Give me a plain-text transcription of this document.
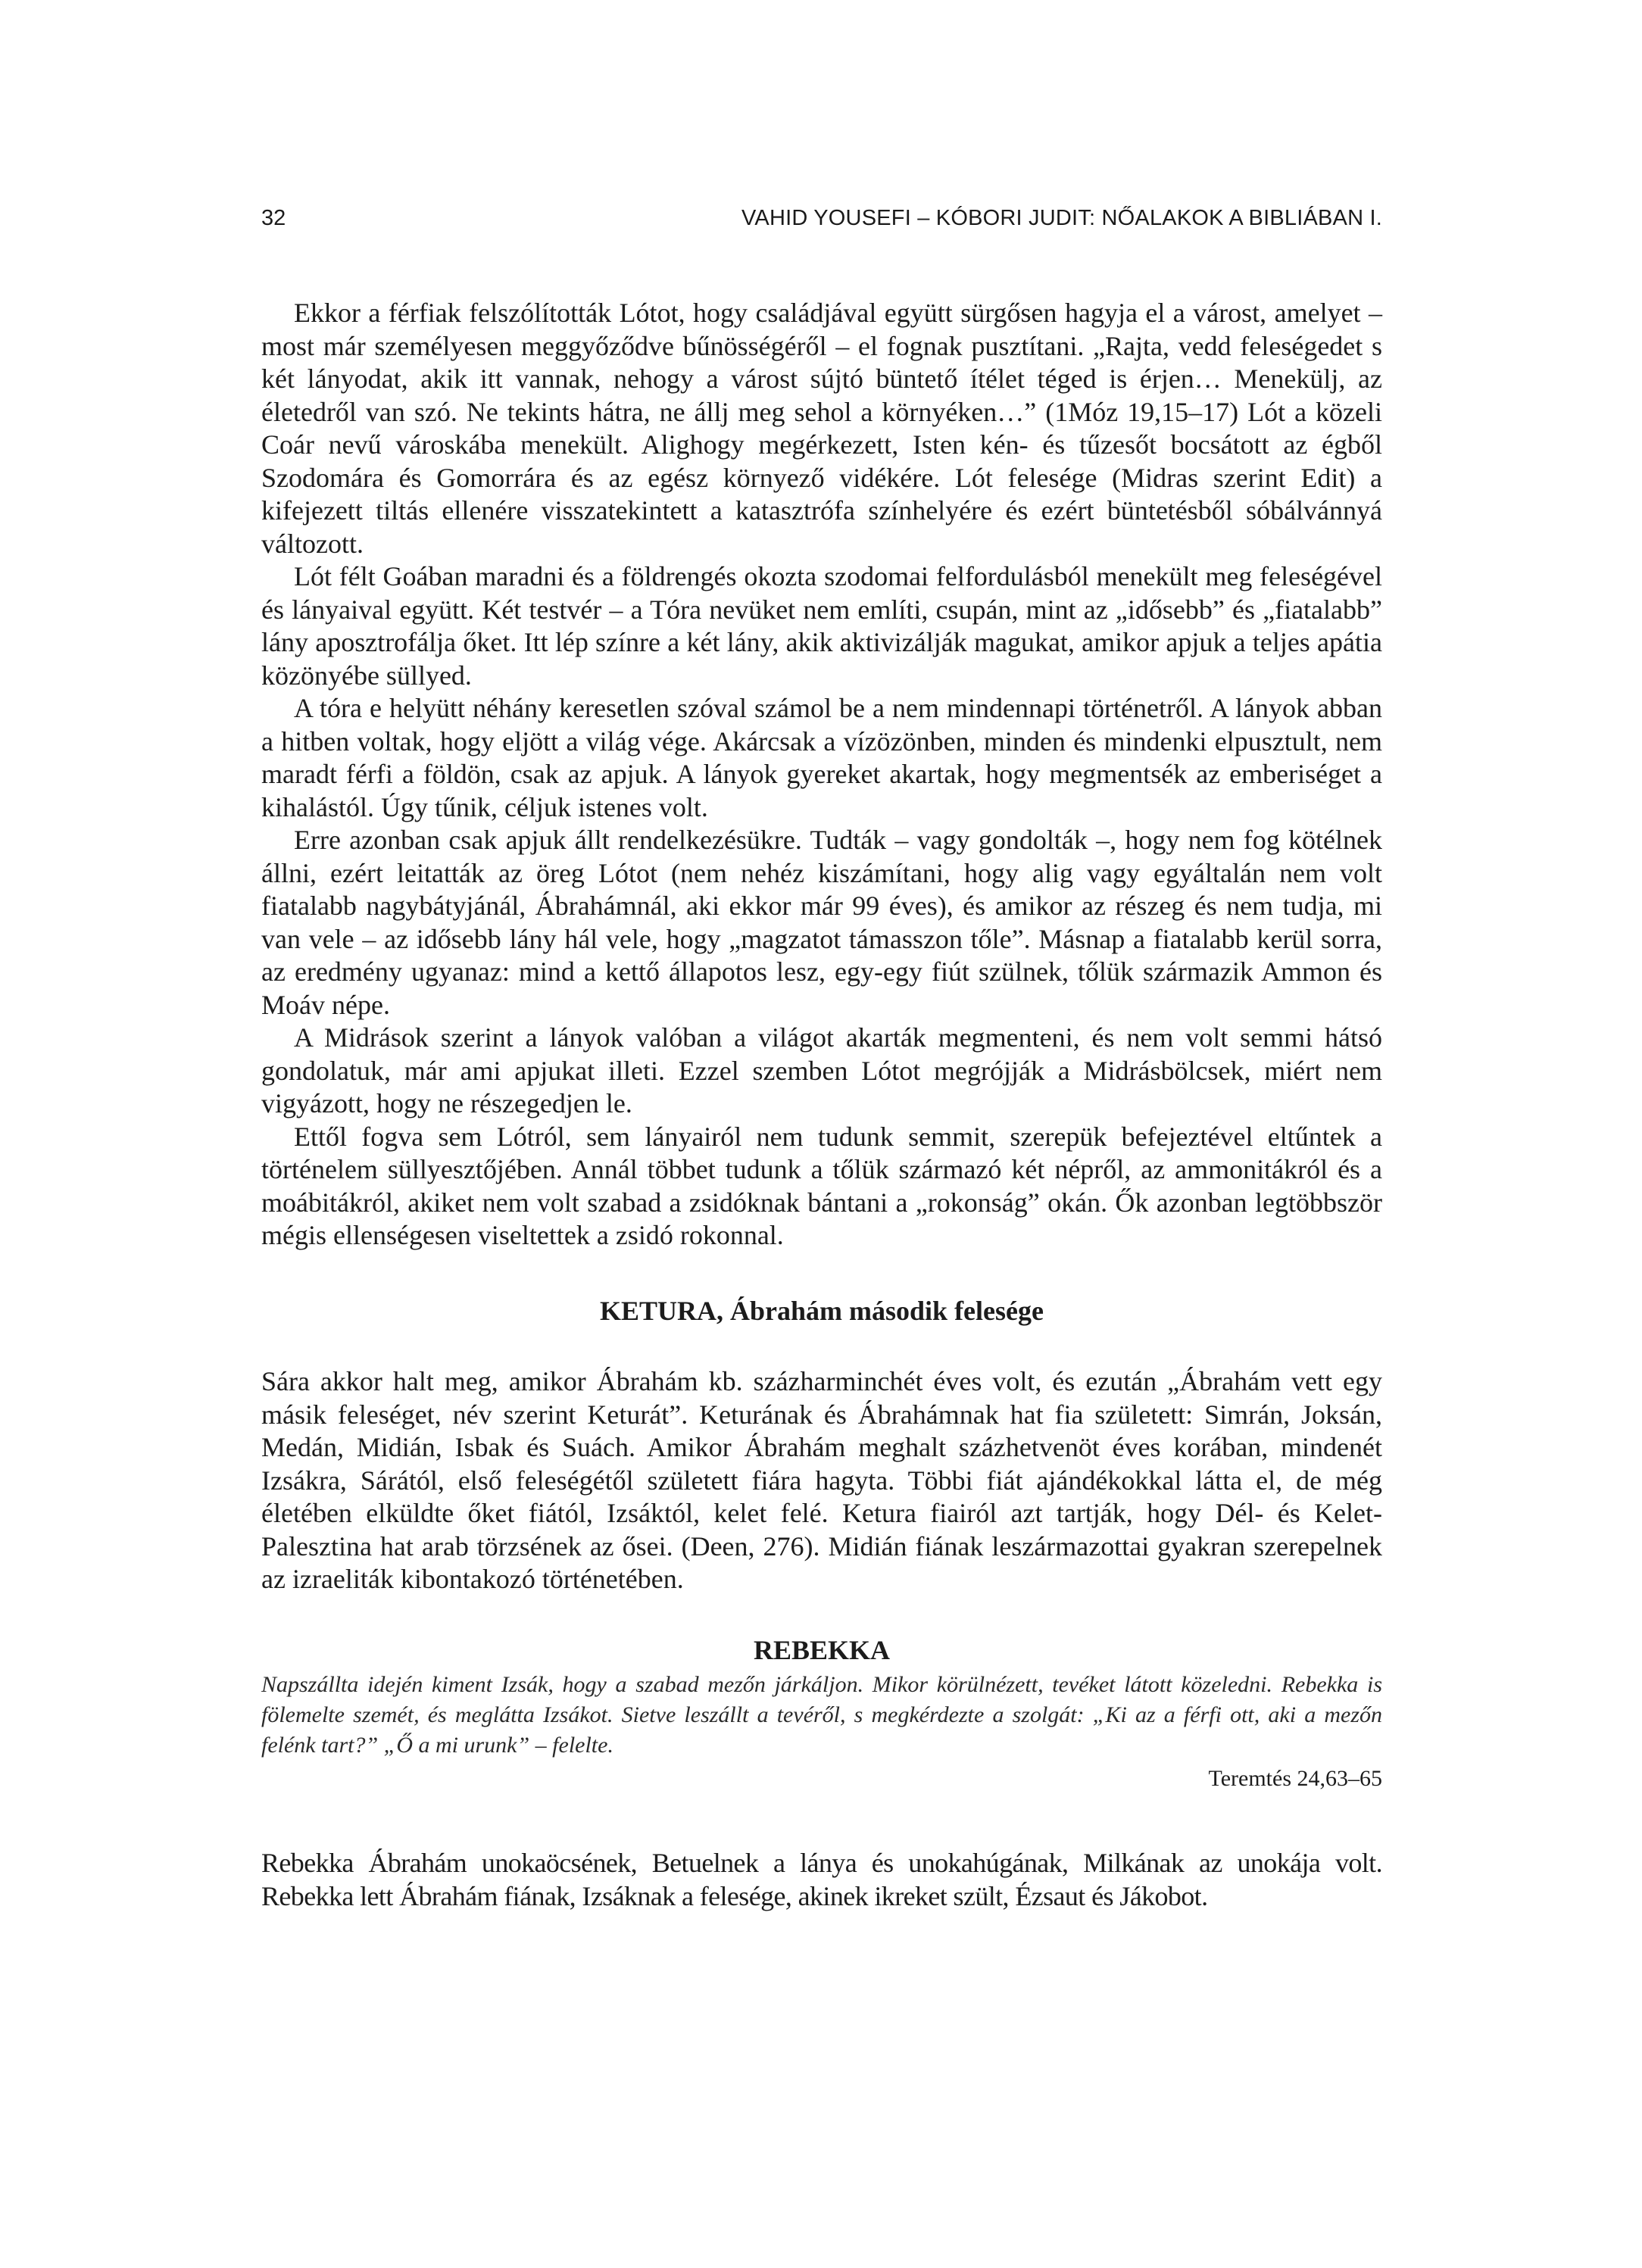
32	VAHID YOUSEFI – KÓBORI JUDIT: NŐALAKOK A BIBLIÁBAN I.

Ekkor a férfiak felszólították Lótot, hogy családjával együtt sürgősen hagyja el a várost, amelyet – most már személyesen meggyőződve bűnösségéről – el fognak pusztítani. „Rajta, vedd feleségedet s két lányodat, akik itt vannak, nehogy a várost sújtó büntető ítélet téged is érjen… Menekülj, az életedről van szó. Ne tekints hátra, ne állj meg sehol a környéken…” (1Móz 19,15–17) Lót a közeli Coár nevű városkába menekült. Alighogy megérkezett, Isten kén- és tűzesőt bocsátott az égből Szodomára és Gomorrára és az egész környező vidékére. Lót felesége (Midras szerint Edit) a kifejezett tiltás ellenére visszatekintett a katasztrófa színhelyére és ezért büntetésből sóbálvánnyá változott.

Lót félt Goában maradni és a földrengés okozta szodomai felfordulásból menekült meg feleségével és lányaival együtt. Két testvér – a Tóra nevüket nem említi, csupán, mint az „idősebb” és „fiatalabb” lány aposztrofálja őket. Itt lép színre a két lány, akik aktivizálják magukat, amikor apjuk a teljes apátia közönyébe süllyed.

A tóra e helyütt néhány keresetlen szóval számol be a nem mindennapi történetről. A lányok abban a hitben voltak, hogy eljött a világ vége. Akárcsak a vízözönben, minden és mindenki elpusztult, nem maradt férfi a földön, csak az apjuk. A lányok gyereket akartak, hogy megmentsék az emberiséget a kihalástól. Úgy tűnik, céljuk istenes volt.

Erre azonban csak apjuk állt rendelkezésükre. Tudták – vagy gondolták –, hogy nem fog kötélnek állni, ezért leitatták az öreg Lótot (nem nehéz kiszámítani, hogy alig vagy egyáltalán nem volt fiatalabb nagybátyjánál, Ábrahámnál, aki ekkor már 99 éves), és amikor az részeg és nem tudja, mi van vele – az idősebb lány hál vele, hogy „magzatot támasszon tőle”. Másnap a fiatalabb kerül sorra, az eredmény ugyanaz: mind a kettő állapotos lesz, egy-egy fiút szülnek, tőlük származik Ammon és Moáv népe.

A Midrások szerint a lányok valóban a világot akarták megmenteni, és nem volt semmi hátsó gondolatuk, már ami apjukat illeti. Ezzel szemben Lótot megrójják a Midrásbölcsek, miért nem vigyázott, hogy ne részegedjen le.

Ettől fogva sem Lótról, sem lányairól nem tudunk semmit, szerepük befejeztével eltűntek a történelem süllyesztőjében. Annál többet tudunk a tőlük származó két népről, az ammonitákról és a moábitákról, akiket nem volt szabad a zsidóknak bántani a „rokonság” okán. Ők azonban legtöbbször mégis ellenségesen viseltettek a zsidó rokonnal.

KETURA, Ábrahám második felesége

Sára akkor halt meg, amikor Ábrahám kb. százharminchét éves volt, és ezután „Ábrahám vett egy másik feleséget, név szerint Keturát”. Keturának és Ábrahámnak hat fia született: Simrán, Joksán, Medán, Midián, Isbak és Suách. Amikor Ábrahám meghalt százhetvenöt éves korában, mindenét Izsákra, Sárától, első feleségétől született fiára hagyta. Többi fiát ajándékokkal látta el, de még életében elküldte őket fiától, Izsáktól, kelet felé. Ketura fiairól azt tartják, hogy Dél- és Kelet-Palesztina hat arab törzsének az ősei. (Deen, 276). Midián fiának leszármazottai gyakran szerepelnek az izraeliták kibontakozó történetében.

REBEKKA

Napszállta idején kiment Izsák, hogy a szabad mezőn járkáljon. Mikor körülnézett, tevéket látott közeledni. Rebekka is fölemelte szemét, és meglátta Izsákot. Sietve leszállt a tevéről, s megkérdezte a szolgát: „Ki az a férfi ott, aki a mezőn felénk tart?” „Ő a mi urunk” – felelte.

Teremtés 24,63–65

Rebekka Ábrahám unokaöcsének, Betuelnek a lánya és unokahúgának, Milkának az unokája volt. Rebekka lett Ábrahám fiának, Izsáknak a felesége, akinek ikreket szült, Ézsaut és Jákobot.
